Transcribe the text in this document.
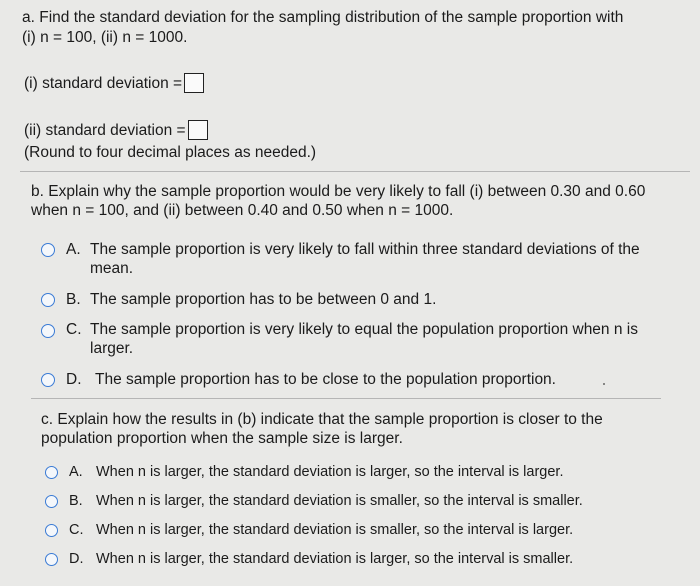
a. Find the standard deviation for the sampling distribution of the sample proportion with
(i) n = 100, (ii) n = 1000.
(i) standard deviation =
(ii) standard deviation =
(Round to four decimal places as needed.)
b. Explain why the sample proportion would be very likely to fall (i) between 0.30 and 0.60
when n = 100, and (ii) between 0.40 and 0.50 when n = 1000.
A. The sample proportion is very likely to fall within three standard deviations of the
mean.
B. The sample proportion has to be between 0 and 1.
C. The sample proportion is very likely to equal the population proportion when n is
larger.
D. The sample proportion has to be close to the population proportion.
c. Explain how the results in (b) indicate that the sample proportion is closer to the
population proportion when the sample size is larger.
A. When n is larger, the standard deviation is larger, so the interval is larger.
B. When n is larger, the standard deviation is smaller, so the interval is smaller.
C. When n is larger, the standard deviation is smaller, so the interval is larger.
D. When n is larger, the standard deviation is larger, so the interval is smaller.
